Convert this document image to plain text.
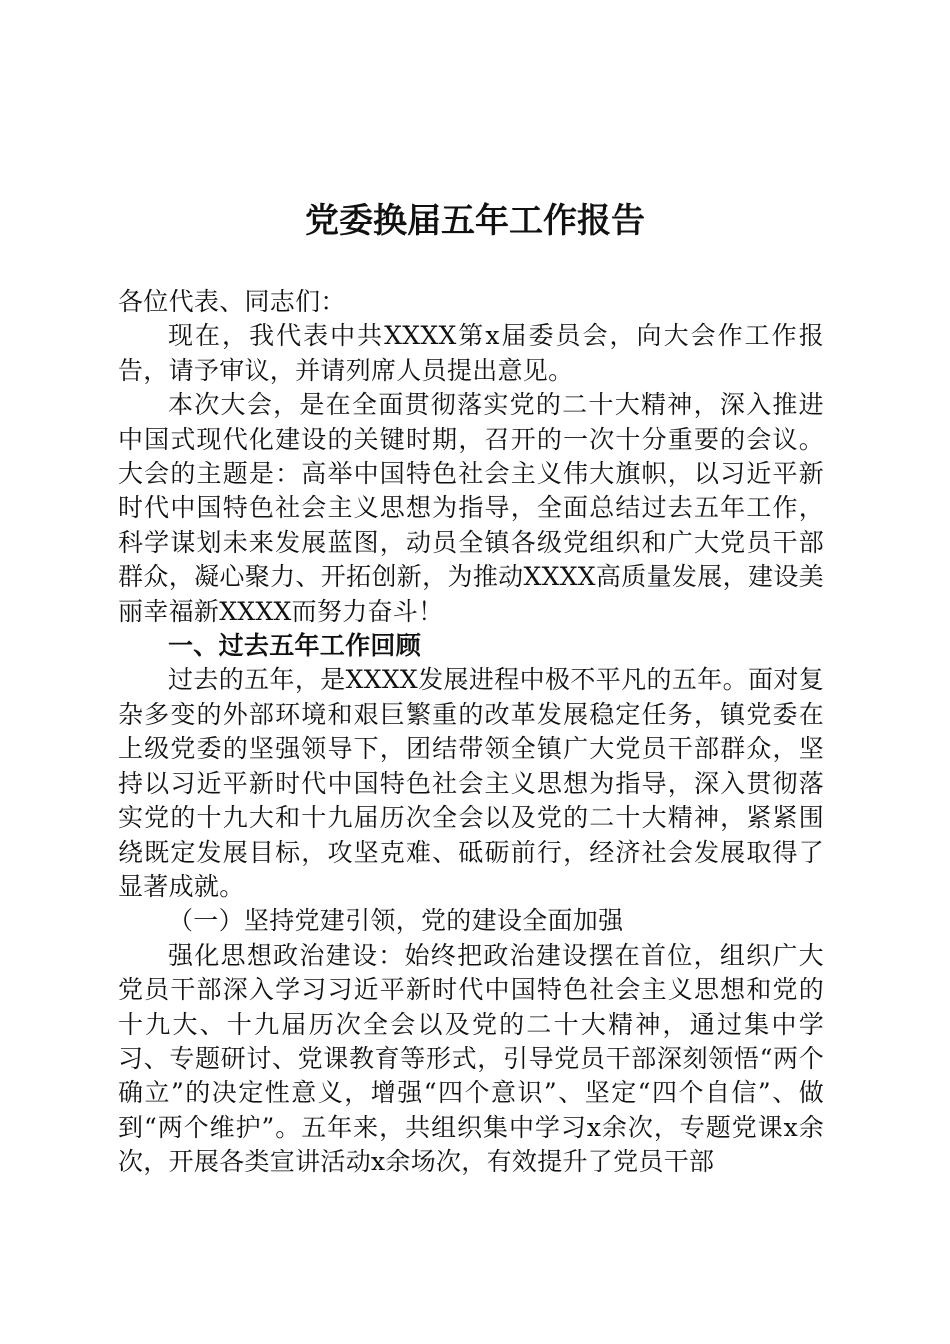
党委换届五年工作报告

各位代表、同志们：

现在，我代表中共XXXX第x届委员会，向大会作工作报告，请予审议，并请列席人员提出意见。

本次大会，是在全面贯彻落实党的二十大精神，深入推进中国式现代化建设的关键时期，召开的一次十分重要的会议。大会的主题是：高举中国特色社会主义伟大旗帜，以习近平新时代中国特色社会主义思想为指导，全面总结过去五年工作，科学谋划未来发展蓝图，动员全镇各级党组织和广大党员干部群众，凝心聚力、开拓创新，为推动XXXX高质量发展，建设美丽幸福新XXXX而努力奋斗！

一、过去五年工作回顾

过去的五年，是XXXX发展进程中极不平凡的五年。面对复杂多变的外部环境和艰巨繁重的改革发展稳定任务，镇党委在上级党委的坚强领导下，团结带领全镇广大党员干部群众，坚持以习近平新时代中国特色社会主义思想为指导，深入贯彻落实党的十九大和十九届历次全会以及党的二十大精神，紧紧围绕既定发展目标，攻坚克难、砥砺前行，经济社会发展取得了显著成就。

（一）坚持党建引领，党的建设全面加强

强化思想政治建设：始终把政治建设摆在首位，组织广大党员干部深入学习习近平新时代中国特色社会主义思想和党的十九大、十九届历次全会以及党的二十大精神，通过集中学习、专题研讨、党课教育等形式，引导党员干部深刻领悟“两个确立”的决定性意义，增强“四个意识”、坚定“四个自信”、做到“两个维护”。五年来，共组织集中学习x余次，专题党课x余次，开展各类宣讲活动x余场次，有效提升了党员干部
